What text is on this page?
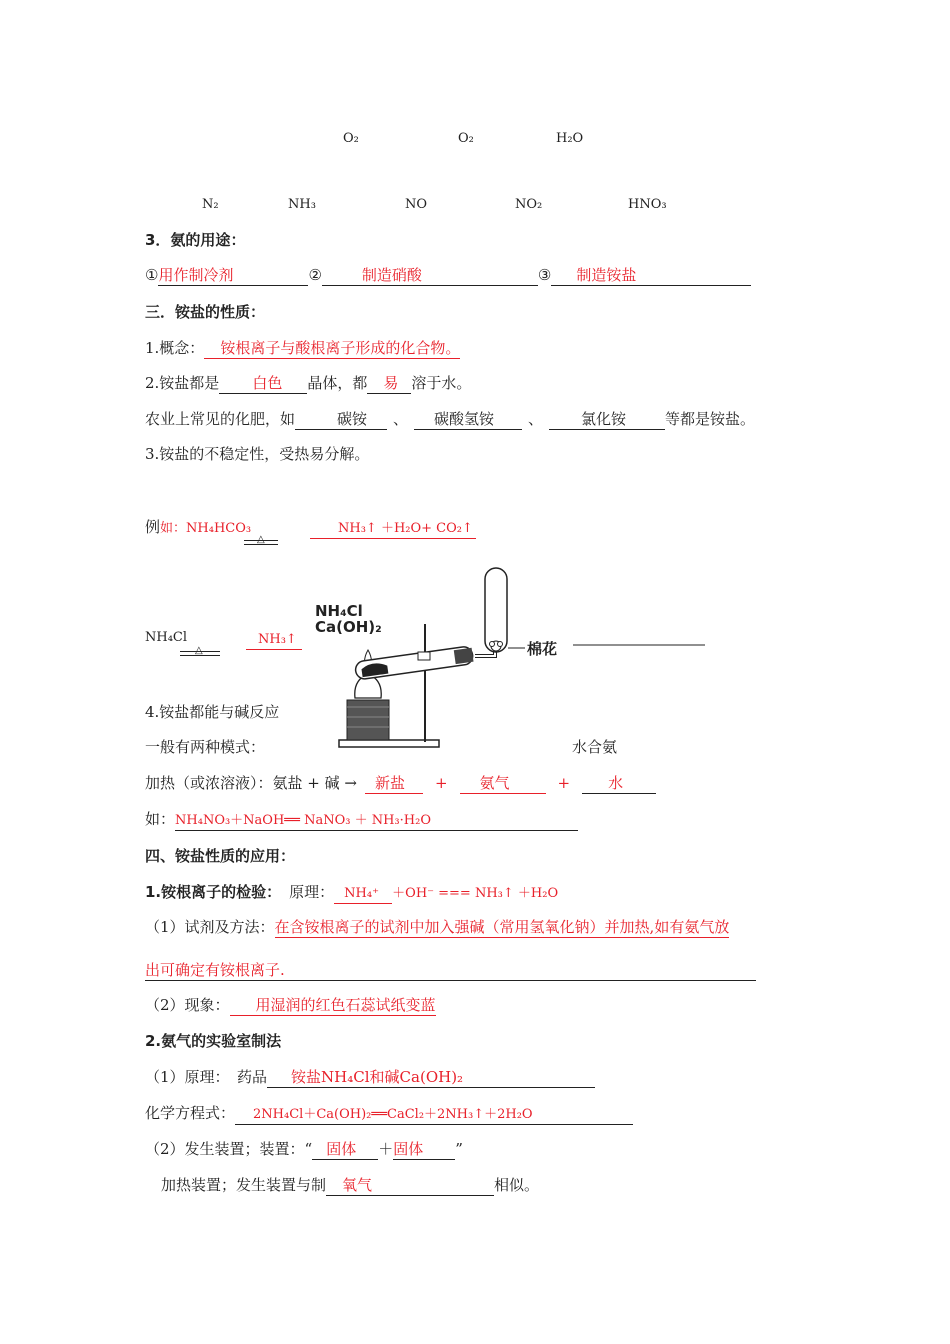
O₂	O₂	H₂O
N₂	NH₃	NO	NO₂	HNO₃
3．氨的用途：
①用作制冷剂	②	制造硝酸	③ 制造铵盐
三．铵盐的性质：
1.概念： 铵根离子与酸根离子形成的化合物。
2.铵盐都是 白色 晶体，都 易 溶于水。
农业上常见的化肥，如	碳铵 、 碳酸氢铵 、	氯化铵	等都是铵盐。
3.铵盐的不稳定性，受热易分解。
例如：NH₄HCO₃
△
NH₃↑ ＋H₂O+ CO₂↑
NH₄Cl
△
NH₃↑
NH₄Cl
Ca(OH)₂
棉花
4.铵盐都能与碱反应
一般有两种模式：	水合氨
加热（或浓溶液）：氨盐 + 碱 → 新盐 + 氨气	+	水
如：NH₄NO₃＋NaOH══ NaNO₃ ＋ NH₃·H₂O
四、铵盐性质的应用：
1.铵根离子的检验： 原理： NH₄⁺ ＋OH⁻ === NH₃↑ ＋H₂O
（1）试剂及方法：在含铵根离子的试剂中加入强碱（常用氢氧化钠）并加热,如有氨气放
出可确定有铵根离子.
（2）现象： 用湿润的红色石蕊试纸变蓝
2.氨气的实验室制法
（1）原理：　药品 铵盐NH₄Cl和碱Ca(OH)₂
化学方程式： 2NH₄Cl＋Ca(OH)₂══CaCl₂＋2NH₃↑＋2H₂O
（2）发生装置；装置：“ 固体 ＋固体 ”
加热装置；发生装置与制 氧气	相似。
